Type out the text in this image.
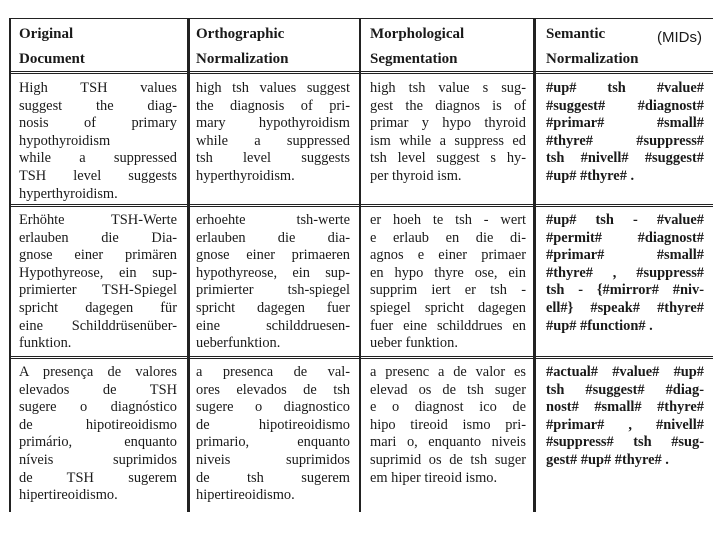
Original
Document
Orthographic
Normalization
Morphological
Segmentation
Semantic
Normalization
(MIDs)
High TSH values
suggest the diag-
nosis of primary
hypothyroidism
while a suppressed
TSH level suggests
hyperthyroidism.
high tsh values suggest
the diagnosis of pri-
mary hypothyroidism
while a suppressed
tsh level suggests
hyperthyroidism.
high tsh value s sug-
gest the diagnos is of
primar y hypo thyroid
ism while a suppress ed
tsh level suggest s hy-
per thyroid ism.
#up# tsh #value#
#suggest# #diagnost#
#primar# #small#
#thyre# #suppress#
tsh #nivell# #suggest#
#up# #thyre# .
Erhöhte TSH-Werte
erlauben die Dia-
gnose einer primären
Hypothyreose, ein sup-
primierter TSH-Spiegel
spricht dagegen für
eine Schilddrüsenüber-
funktion.
erhoehte tsh-werte
erlauben die dia-
gnose einer primaeren
hypothyreose, ein sup-
primierter tsh-spiegel
spricht dagegen fuer
eine schilddruesen-
ueberfunktion.
er hoeh te tsh - wert
e erlaub en die di-
agnos e einer primaer
en hypo thyre ose, ein
supprim iert er tsh -
spiegel spricht dagegen
fuer eine schilddrues en
ueber funktion.
#up# tsh - #value#
#permit# #diagnost#
#primar# #small#
#thyre# , #suppress#
tsh - {#mirror# #niv-
ell#} #speak# #thyre#
#up# #function# .
A presença de valores
elevados de TSH
sugere o diagnóstico
de hipotireoidismo
primário, enquanto
níveis suprimidos
de TSH sugerem
hipertireoidismo.
a presenca de val-
ores elevados de tsh
sugere o diagnostico
de hipotireoidismo
primario, enquanto
niveis suprimidos
de tsh sugerem
hipertireoidismo.
a presenc a de valor es
elevad os de tsh suger
e o diagnost ico de
hipo tireoid ismo pri-
mari o, enquanto niveis
suprimid os de tsh suger
em hiper tireoid ismo.
#actual# #value# #up#
tsh #suggest# #diag-
nost# #small# #thyre#
#primar# , #nivell#
#suppress# tsh #sug-
gest# #up# #thyre# .
